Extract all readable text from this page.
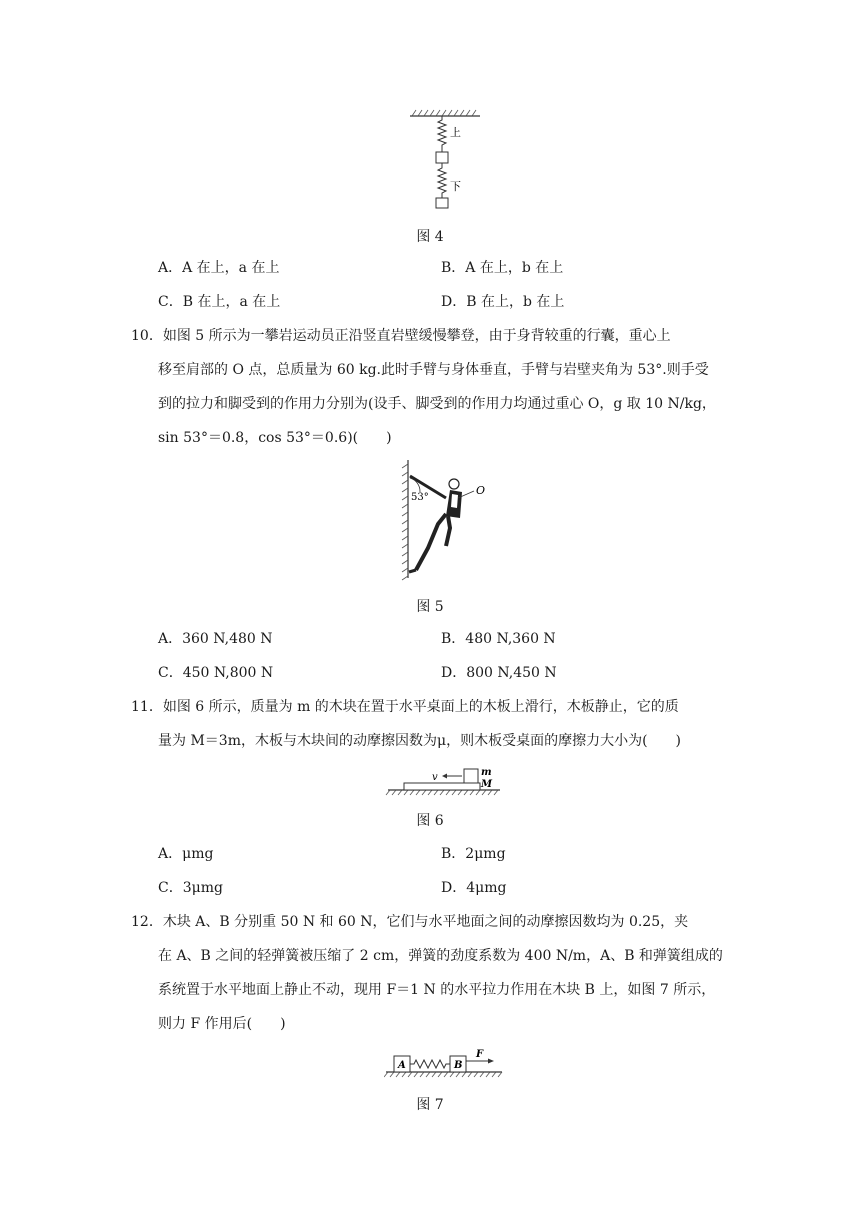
上
下
图 4
A．A 在上，a 在上	B．A 在上，b 在上
C．B 在上，a 在上	D．B 在上，b 在上
10．如图 5 所示为一攀岩运动员正沿竖直岩壁缓慢攀登，由于身背较重的行囊，重心上
移至肩部的 O 点，总质量为 60 kg.此时手臂与身体垂直，手臂与岩壁夹角为 53°.则手受
到的拉力和脚受到的作用力分别为(设手、脚受到的作用力均通过重心 O，g 取 10 N/kg，
sin 53°＝0.8，cos 53°＝0.6)(　　)
53°
O
图 5
A．360 N,480 N	B．480 N,360 N
C．450 N,800 N	D．800 N,450 N
11．如图 6 所示，质量为 m 的木块在置于水平桌面上的木板上滑行，木板静止，它的质
量为 M＝3m，木板与木块间的动摩擦因数为μ，则木板受桌面的摩擦力大小为(　　)
v	m
M
图 6
A．μmg	B．2μmg
C．3μmg	D．4μmg
12．木块 A、B 分别重 50 N 和 60 N，它们与水平地面之间的动摩擦因数均为 0.25，夹
在 A、B 之间的轻弹簧被压缩了 2 cm，弹簧的劲度系数为 400 N/m，A、B 和弹簧组成的
系统置于水平地面上静止不动，现用 F＝1 N 的水平拉力作用在木块 B 上，如图 7 所示，
则力 F 作用后(　　)
A	B
F
图 7
